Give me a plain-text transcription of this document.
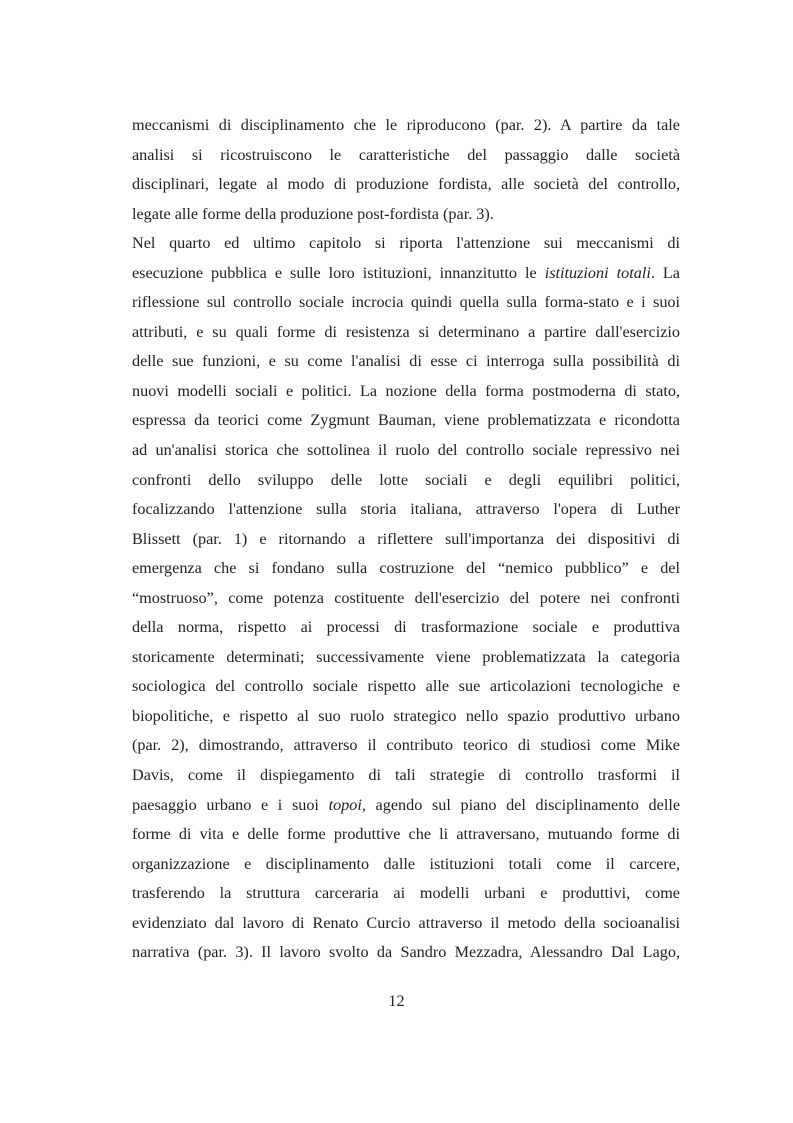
meccanismi di disciplinamento che le riproducono (par. 2). A partire da tale
analisi si ricostruiscono le caratteristiche del passaggio dalle società
disciplinari, legate al modo di produzione fordista, alle società del controllo,
legate alle forme della produzione post-fordista (par. 3).
Nel quarto ed ultimo capitolo si riporta l'attenzione sui meccanismi di
esecuzione pubblica e sulle loro istituzioni, innanzitutto le istituzioni totali. La
riflessione sul controllo sociale incrocia quindi quella sulla forma-stato e i suoi
attributi, e su quali forme di resistenza si determinano a partire dall'esercizio
delle sue funzioni, e su come l'analisi di esse ci interroga sulla possibilità di
nuovi modelli sociali e politici. La nozione della forma postmoderna di stato,
espressa da teorici come Zygmunt Bauman, viene problematizzata e ricondotta
ad un'analisi storica che sottolinea il ruolo del controllo sociale repressivo nei
confronti dello sviluppo delle lotte sociali e degli equilibri politici,
focalizzando l'attenzione sulla storia italiana, attraverso l'opera di Luther
Blissett (par. 1) e ritornando a riflettere sull'importanza dei dispositivi di
emergenza che si fondano sulla costruzione del “nemico pubblico” e del
“mostruoso”, come potenza costituente dell'esercizio del potere nei confronti
della norma, rispetto ai processi di trasformazione sociale e produttiva
storicamente determinati; successivamente viene problematizzata la categoria
sociologica del controllo sociale rispetto alle sue articolazioni tecnologiche e
biopolitiche, e rispetto al suo ruolo strategico nello spazio produttivo urbano
(par. 2), dimostrando, attraverso il contributo teorico di studiosi come Mike
Davis, come il dispiegamento di tali strategie di controllo trasformi il
paesaggio urbano e i suoi topoi, agendo sul piano del disciplinamento delle
forme di vita e delle forme produttive che li attraversano, mutuando forme di
organizzazione e disciplinamento dalle istituzioni totali come il carcere,
trasferendo la struttura carceraria ai modelli urbani e produttivi, come
evidenziato dal lavoro di Renato Curcio attraverso il metodo della socioanalisi
narrativa (par. 3). Il lavoro svolto da Sandro Mezzadra, Alessandro Dal Lago,
12
